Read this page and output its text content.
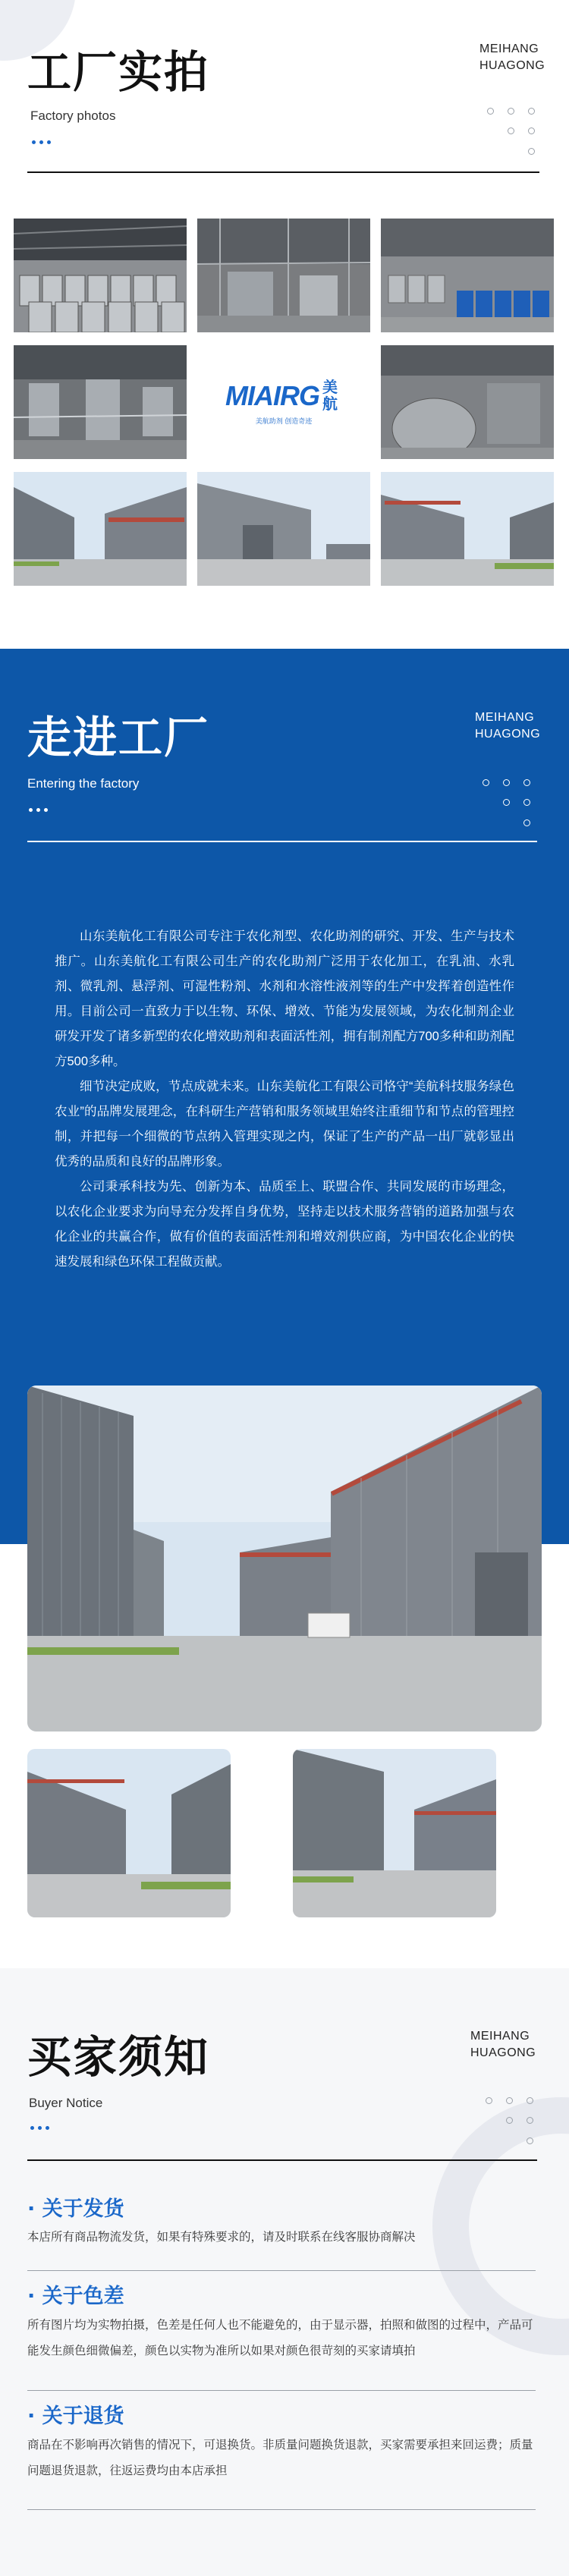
工厂实拍
Factory photos
MEIHANG
HUAGONG
MIAIRG 美航
美航助剂 创造奇迹
走进工厂
Entering the factory
MEIHANG
HUAGONG

山东美航化工有限公司专注于农化剂型、农化助剂的研究、开发、生产与技术推广。山东美航化工有限公司生产的农化助剂广泛用于农化加工，在乳油、水乳剂、微乳剂、悬浮剂、可湿性粉剂、水剂和水溶性液剂等的生产中发挥着创造性作用。目前公司一直致力于以生物、环保、增效、节能为发展领域，为农化制剂企业研发开发了诸多新型的农化增效助剂和表面活性剂，拥有制剂配方700多种和助剂配方500多种。

细节决定成败，节点成就未来。山东美航化工有限公司恪守“美航科技服务绿色农业”的品牌发展理念，在科研生产营销和服务领域里始终注重细节和节点的管理控制，并把每一个细微的节点纳入管理实现之内，保证了生产的产品一出厂就彰显出优秀的品质和良好的品牌形象。

公司秉承科技为先、创新为本、品质至上、联盟合作、共同发展的市场理念，以农化企业要求为向导充分发挥自身优势，坚持走以技术服务营销的道路加强与农化企业的共赢合作，做有价值的表面活性剂和增效剂供应商，为中国农化企业的快速发展和绿色环保工程做贡献。

买家须知
Buyer Notice
MEIHANG
HUAGONG
· 关于发货
本店所有商品物流发货，如果有特殊要求的，请及时联系在线客服协商解决
· 关于色差
所有图片均为实物拍摄，色差是任何人也不能避免的，由于显示器，拍照和做图的过程中，产品可能发生颜色细微偏差，颜色以实物为准所以如果对颜色很苛刻的买家请填拍
· 关于退货
商品在不影响再次销售的情况下，可退换货。非质量问题换货退款，买家需要承担来回运费；质量问题退货退款，往返运费均由本店承担
